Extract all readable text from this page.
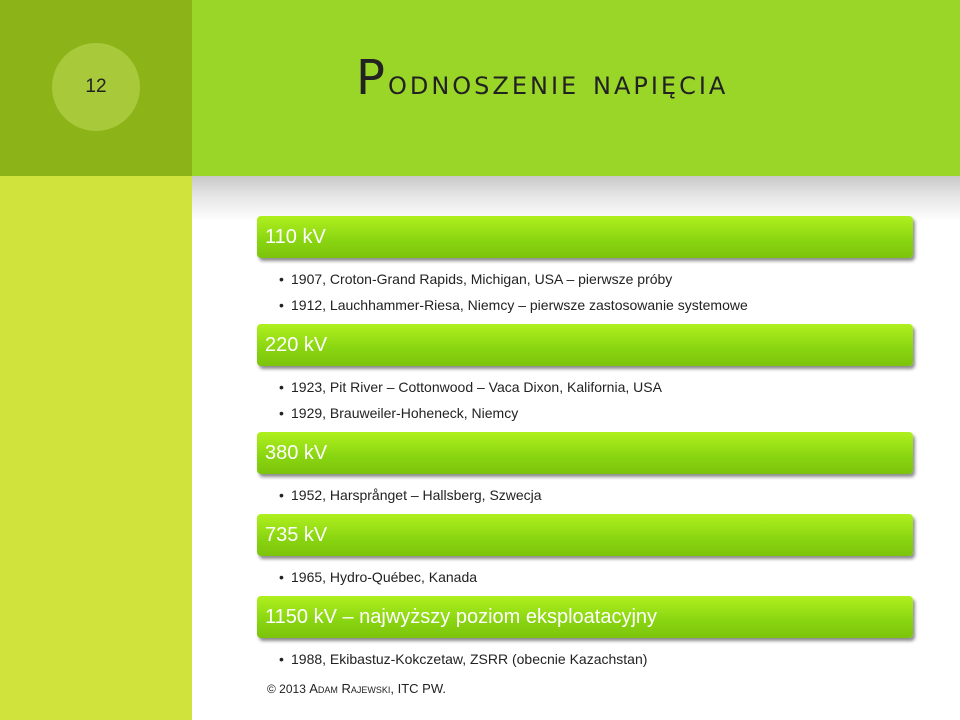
12	Podnoszenie napięcia
110 kV
• 1907, Croton-Grand Rapids, Michigan, USA – pierwsze próby
• 1912, Lauchhammer-Riesa, Niemcy – pierwsze zastosowanie systemowe
220 kV
• 1923, Pit River – Cottonwood – Vaca Dixon, Kalifornia, USA
• 1929, Brauweiler-Hoheneck, Niemcy
380 kV
• 1952, Harsprånget – Hallsberg, Szwecja
735 kV
• 1965, Hydro-Québec, Kanada
1150 kV – najwyższy poziom eksploatacyjny
• 1988, Ekibastuz-Kokczetaw, ZSRR (obecnie Kazachstan)
© 2013 Adam Rajewski, ITC PW.
